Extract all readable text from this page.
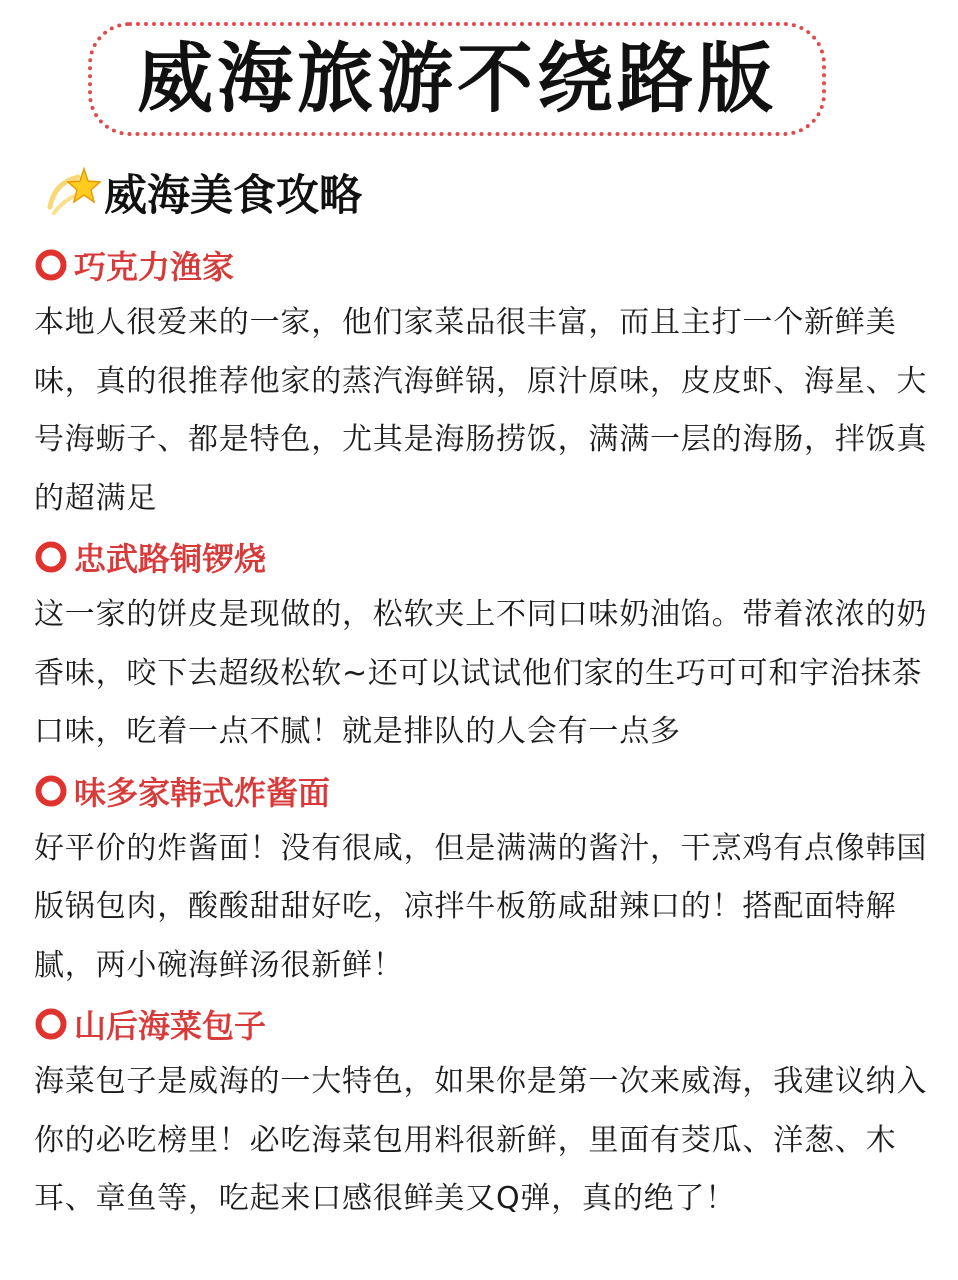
威海旅游不绕路版
威海美食攻略
巧克力渔家

本地人很爱来的一家，他们家菜品很丰富，而且主打一个新鲜美味，真的很推荐他家的蒸汽海鲜锅，原汁原味，皮皮虾、海星、大号海蛎子、都是特色，尤其是海肠捞饭，满满一层的海肠，拌饭真的超满足

忠武路铜锣烧

这一家的饼皮是现做的，松软夹上不同口味奶油馅。带着浓浓的奶香味，咬下去超级松软~还可以试试他们家的生巧可可和宇治抹茶口味，吃着一点不腻！就是排队的人会有一点多

味多家韩式炸酱面

好平价的炸酱面！没有很咸，但是满满的酱汁，干烹鸡有点像韩国版锅包肉，酸酸甜甜好吃，凉拌牛板筋咸甜辣口的！搭配面特解腻，两小碗海鲜汤很新鲜！

山后海菜包子

海菜包子是威海的一大特色，如果你是第一次来威海，我建议纳入你的必吃榜里！必吃海菜包用料很新鲜，里面有茭瓜、洋葱、木耳、章鱼等，吃起来口感很鲜美又Q弹，真的绝了！
